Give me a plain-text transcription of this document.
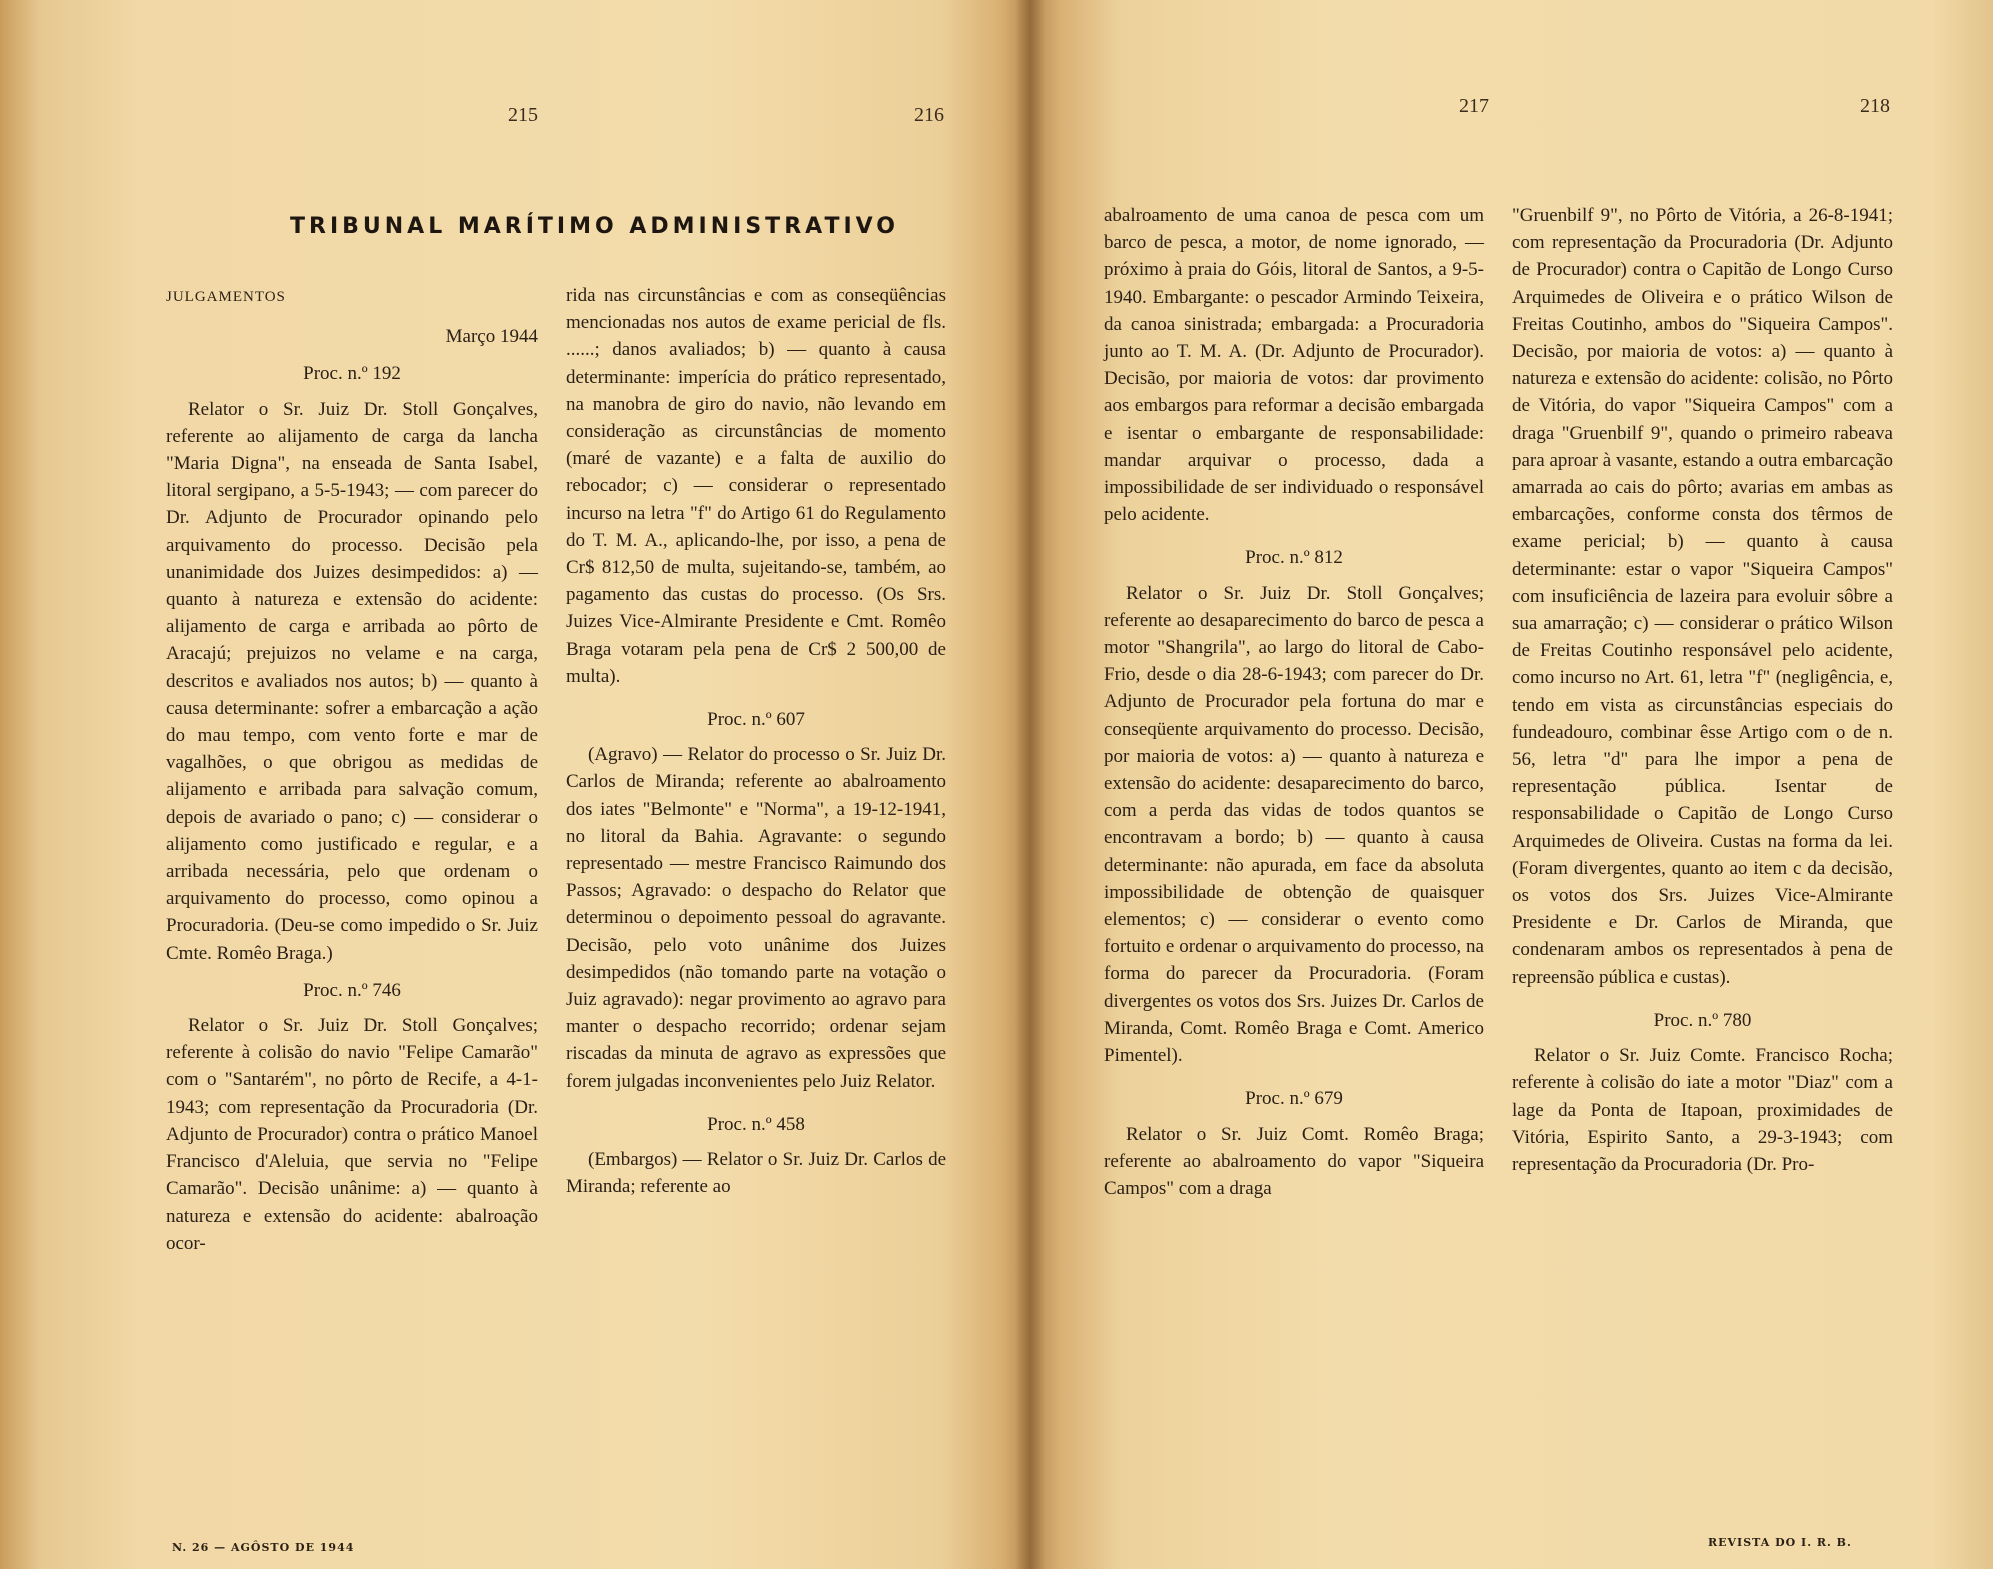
215	216	217	218
TRIBUNAL MARÍTIMO ADMINISTRATIVO

JULGAMENTOS

Março 1944

Proc. n.º 192

Relator o Sr. Juiz Dr. Stoll Gonçalves, referente ao alijamento de carga da lancha "Maria Digna", na enseada de Santa Isabel, litoral sergipano, a 5-5-1943; — com parecer do Dr. Adjunto de Procurador opinando pelo arquivamento do processo. Decisão pela unanimidade dos Juizes desimpedidos: a) — quanto à natureza e extensão do acidente: alijamento de carga e arribada ao pôrto de Aracajú; prejuizos no velame e na carga, descritos e avaliados nos autos; b) — quanto à causa determinante: sofrer a embarcação a ação do mau tempo, com vento forte e mar de vagalhões, o que obrigou as medidas de alijamento e arribada para salvação comum, depois de avariado o pano; c) — considerar o alijamento como justificado e regular, e a arribada necessária, pelo que ordenam o arquivamento do processo, como opinou a Procuradoria. (Deu-se como impedido o Sr. Juiz Cmte. Romêo Braga.)

Proc. n.º 746

Relator o Sr. Juiz Dr. Stoll Gonçalves; referente à colisão do navio "Felipe Camarão" com o "Santarém", no pôrto de Recife, a 4-1-1943; com representação da Procuradoria (Dr. Adjunto de Procurador) contra o prático Manoel Francisco d'Aleluia, que servia no "Felipe Camarão". Decisão unânime: a) — quanto à natureza e extensão do acidente: abalroação ocor-

rida nas circunstâncias e com as conseqüências mencionadas nos autos de exame pericial de fls. ......; danos avaliados; b) — quanto à causa determinante: imperícia do prático representado, na manobra de giro do navio, não levando em consideração as circunstâncias de momento (maré de vazante) e a falta de auxilio do rebocador; c) — considerar o representado incurso na letra "f" do Artigo 61 do Regulamento do T. M. A., aplicando-lhe, por isso, a pena de Cr$ 812,50 de multa, sujeitando-se, também, ao pagamento das custas do processo. (Os Srs. Juizes Vice-Almirante Presidente e Cmt. Romêo Braga votaram pela pena de Cr$ 2 500,00 de multa).

Proc. n.º 607

(Agravo) — Relator do processo o Sr. Juiz Dr. Carlos de Miranda; referente ao abalroamento dos iates "Belmonte" e "Norma", a 19-12-1941, no litoral da Bahia. Agravante: o segundo representado — mestre Francisco Raimundo dos Passos; Agravado: o despacho do Relator que determinou o depoimento pessoal do agravante. Decisão, pelo voto unânime dos Juizes desimpedidos (não tomando parte na votação o Juiz agravado): negar provimento ao agravo para manter o despacho recorrido; ordenar sejam riscadas da minuta de agravo as expressões que forem julgadas inconvenientes pelo Juiz Relator.

Proc. n.º 458

(Embargos) — Relator o Sr. Juiz Dr. Carlos de Miranda; referente ao

abalroamento de uma canoa de pesca com um barco de pesca, a motor, de nome ignorado, — próximo à praia do Góis, litoral de Santos, a 9-5-1940. Embargante: o pescador Armindo Teixeira, da canoa sinistrada; embargada: a Procuradoria junto ao T. M. A. (Dr. Adjunto de Procurador). Decisão, por maioria de votos: dar provimento aos embargos para reformar a decisão embargada e isentar o embargante de responsabilidade: mandar arquivar o processo, dada a impossibilidade de ser individuado o responsável pelo acidente.

Proc. n.º 812

Relator o Sr. Juiz Dr. Stoll Gonçalves; referente ao desaparecimento do barco de pesca a motor "Shangrila", ao largo do litoral de Cabo-Frio, desde o dia 28-6-1943; com parecer do Dr. Adjunto de Procurador pela fortuna do mar e conseqüente arquivamento do processo. Decisão, por maioria de votos: a) — quanto à natureza e extensão do acidente: desaparecimento do barco, com a perda das vidas de todos quantos se encontravam a bordo; b) — quanto à causa determinante: não apurada, em face da absoluta impossibilidade de obtenção de quaisquer elementos; c) — considerar o evento como fortuito e ordenar o arquivamento do processo, na forma do parecer da Procuradoria. (Foram divergentes os votos dos Srs. Juizes Dr. Carlos de Miranda, Comt. Romêo Braga e Comt. Americo Pimentel).

Proc. n.º 679

Relator o Sr. Juiz Comt. Romêo Braga; referente ao abalroamento do vapor "Siqueira Campos" com a draga

"Gruenbilf 9", no Pôrto de Vitória, a 26-8-1941; com representação da Procuradoria (Dr. Adjunto de Procurador) contra o Capitão de Longo Curso Arquimedes de Oliveira e o prático Wilson de Freitas Coutinho, ambos do "Siqueira Campos". Decisão, por maioria de votos: a) — quanto à natureza e extensão do acidente: colisão, no Pôrto de Vitória, do vapor "Siqueira Campos" com a draga "Gruenbilf 9", quando o primeiro rabeava para aproar à vasante, estando a outra embarcação amarrada ao cais do pôrto; avarias em ambas as embarcações, conforme consta dos têrmos de exame pericial; b) — quanto à causa determinante: estar o vapor "Siqueira Campos" com insuficiência de lazeira para evoluir sôbre a sua amarração; c) — considerar o prático Wilson de Freitas Coutinho responsável pelo acidente, como incurso no Art. 61, letra "f" (negligência, e, tendo em vista as circunstâncias especiais do fundeadouro, combinar êsse Artigo com o de n. 56, letra "d" para lhe impor a pena de representação pública. Isentar de responsabilidade o Capitão de Longo Curso Arquimedes de Oliveira. Custas na forma da lei. (Foram divergentes, quanto ao item c da decisão, os votos dos Srs. Juizes Vice-Almirante Presidente e Dr. Carlos de Miranda, que condenaram ambos os representados à pena de repreensão pública e custas).

Proc. n.º 780

Relator o Sr. Juiz Comte. Francisco Rocha; referente à colisão do iate a motor "Diaz" com a lage da Ponta de Itapoan, proximidades de Vitória, Espirito Santo, a 29-3-1943; com representação da Procuradoria (Dr. Pro-

N. 26 — AGÔSTO DE 1944	REVISTA DO I. R. B.
